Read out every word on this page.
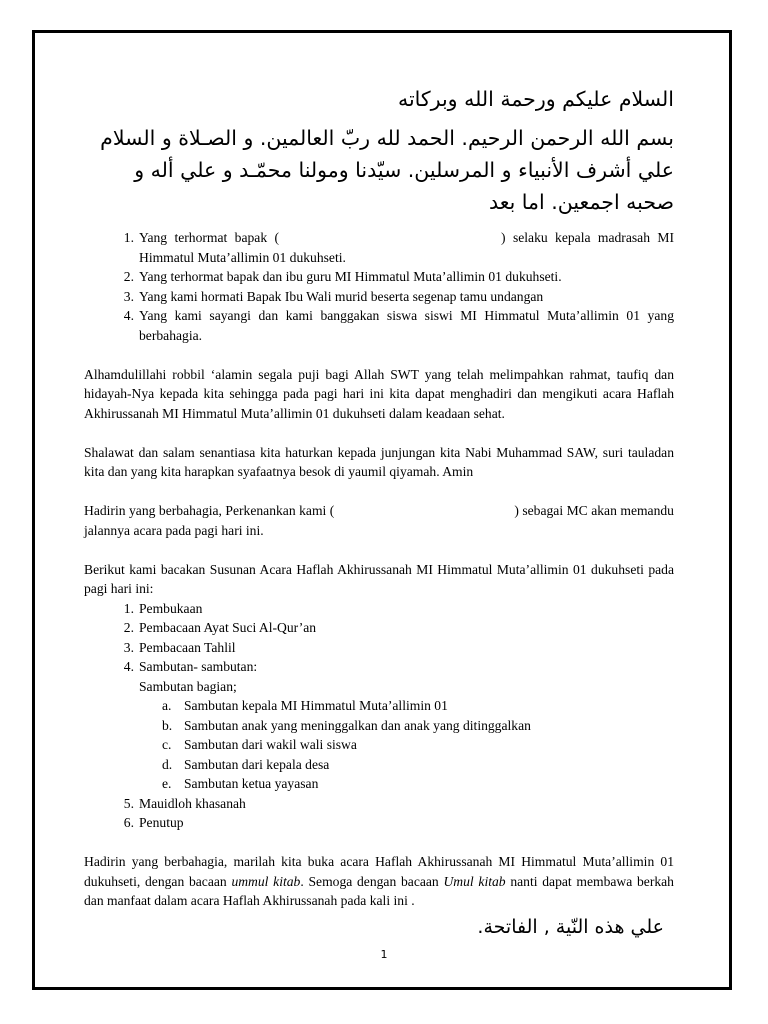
السلام عليكم ورحمة الله وبركاته
بسم الله الرحمن الرحيم. الحمد لله ربّ العالمين. و الصـلاة و السلام علي أشرف الأنبياء و المرسلين. سيّدنا ومولنا محمّـد و علي أله و صحبه اجمعين. اما بعد
1. Yang terhormat bapak (	) selaku kepala madrasah MI Himmatul Muta’allimin 01 dukuhseti.
2. Yang terhormat bapak dan ibu guru MI Himmatul Muta’allimin 01 dukuhseti.
3. Yang kami hormati Bapak Ibu Wali murid beserta segenap tamu undangan
4. Yang kami sayangi dan kami banggakan siswa siswi MI Himmatul Muta’allimin 01 yang berbahagia.

Alhamdulillahi robbil ‘alamin segala puji bagi Allah SWT yang telah melimpahkan rahmat, taufiq dan hidayah-Nya kepada kita sehingga pada pagi hari ini kita dapat menghadiri dan mengikuti acara Haflah Akhirussanah MI Himmatul Muta’allimin 01 dukuhseti dalam keadaan sehat.

Shalawat dan salam senantiasa kita haturkan kepada junjungan kita Nabi Muhammad SAW, suri tauladan kita dan yang kita harapkan syafaatnya besok di yaumil qiyamah. Amin

Hadirin yang berbahagia, Perkenankan kami (	) sebagai MC akan memandu jalannya acara pada pagi hari ini.

Berikut kami bacakan Susunan Acara Haflah Akhirussanah MI Himmatul Muta’allimin 01 dukuhseti pada pagi hari ini:

1. Pembukaan
2. Pembacaan Ayat Suci Al-Qur’an
3. Pembacaan Tahlil
4. Sambutan- sambutan:
Sambutan bagian;
a. Sambutan kepala MI Himmatul Muta’allimin 01
b. Sambutan anak yang meninggalkan dan anak yang ditinggalkan
c. Sambutan dari wakil wali siswa
d. Sambutan dari kepala desa
e. Sambutan ketua yayasan
5. Mauidloh khasanah
6. Penutup

Hadirin yang berbahagia, marilah kita buka acara Haflah Akhirussanah MI Himmatul Muta’allimin 01 dukuhseti, dengan bacaan ummul kitab. Semoga dengan bacaan Umul kitab nanti dapat membawa berkah dan manfaat dalam acara Haflah Akhirussanah pada kali ini .

علي هذه النّية , الفاتحة.
1
